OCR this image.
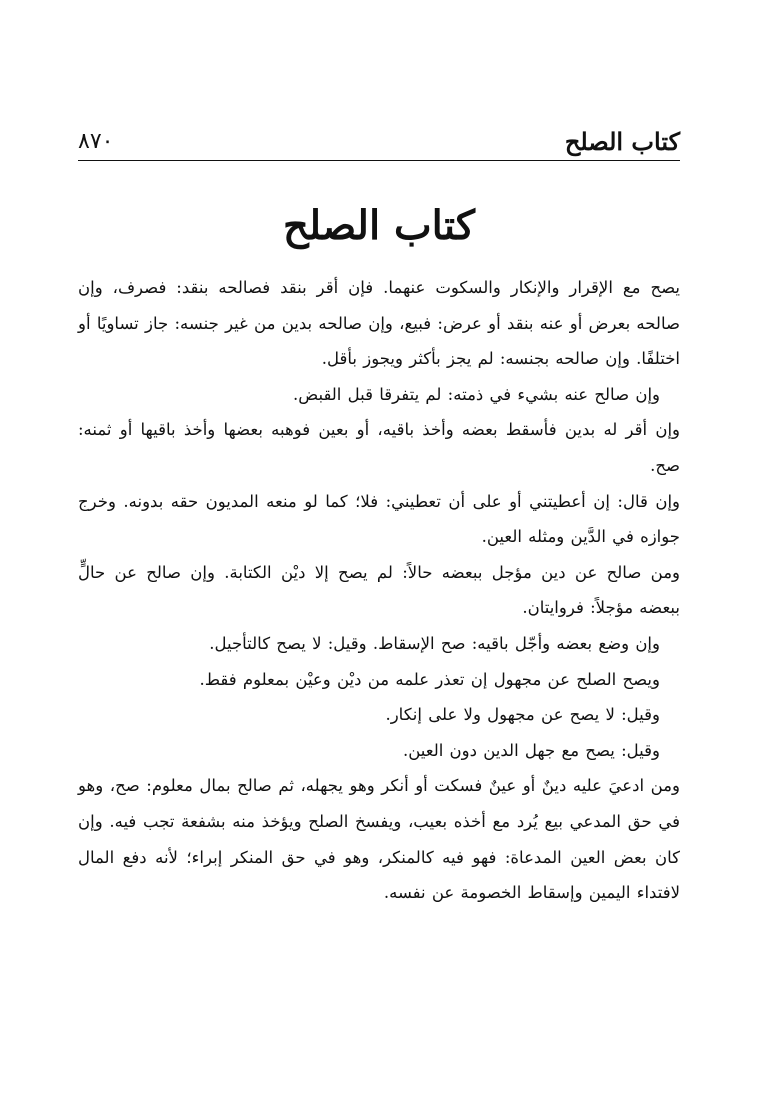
كتاب الصلح
٨٧٠
كتاب الصلح

يصح مع الإقرار والإنكار والسكوت عنهما. فإن أقر بنقد فصالحه بنقد: فصرف، وإن صالحه بعرض أو عنه بنقد أو عرض: فبيع، وإن صالحه بدين من غير جنسه: جاز تساويًا أو اختلفًا. وإن صالحه بجنسه: لم يجز بأكثر ويجوز بأقل.

وإن صالح عنه بشيء في ذمته: لم يتفرقا قبل القبض.

وإن أقر له بدين فأسقط بعضه وأخذ باقيه، أو بعين فوهبه بعضها وأخذ باقيها أو ثمنه: صح.

وإن قال: إن أعطيتني أو على أن تعطيني: فلا؛ كما لو منعه المديون حقه بدونه. وخرج جوازه في الدَّين ومثله العين.

ومن صالح عن دين مؤجل ببعضه حالاً: لم يصح إلا ديْن الكتابة. وإن صالح عن حالٍّ ببعضه مؤجلاً: فروايتان.

وإن وضع بعضه وأجّل باقيه: صح الإسقاط. وقيل: لا يصح كالتأجيل.

ويصح الصلح عن مجهول إن تعذر علمه من ديْن وعيْن بمعلوم فقط.

وقيل: لا يصح عن مجهول ولا على إنكار.

وقيل: يصح مع جهل الدين دون العين.

ومن ادعيَ عليه دينٌ أو عينٌ فسكت أو أنكر وهو يجهله، ثم صالح بمال معلوم: صح، وهو في حق المدعي بيع يُرد مع أخذه بعيب، ويفسخ الصلح ويؤخذ منه بشفعة تجب فيه. وإن كان بعض العين المدعاة: فهو فيه كالمنكر، وهو في حق المنكر إبراء؛ لأنه دفع المال لافتداء اليمين وإسقاط الخصومة عن نفسه.
